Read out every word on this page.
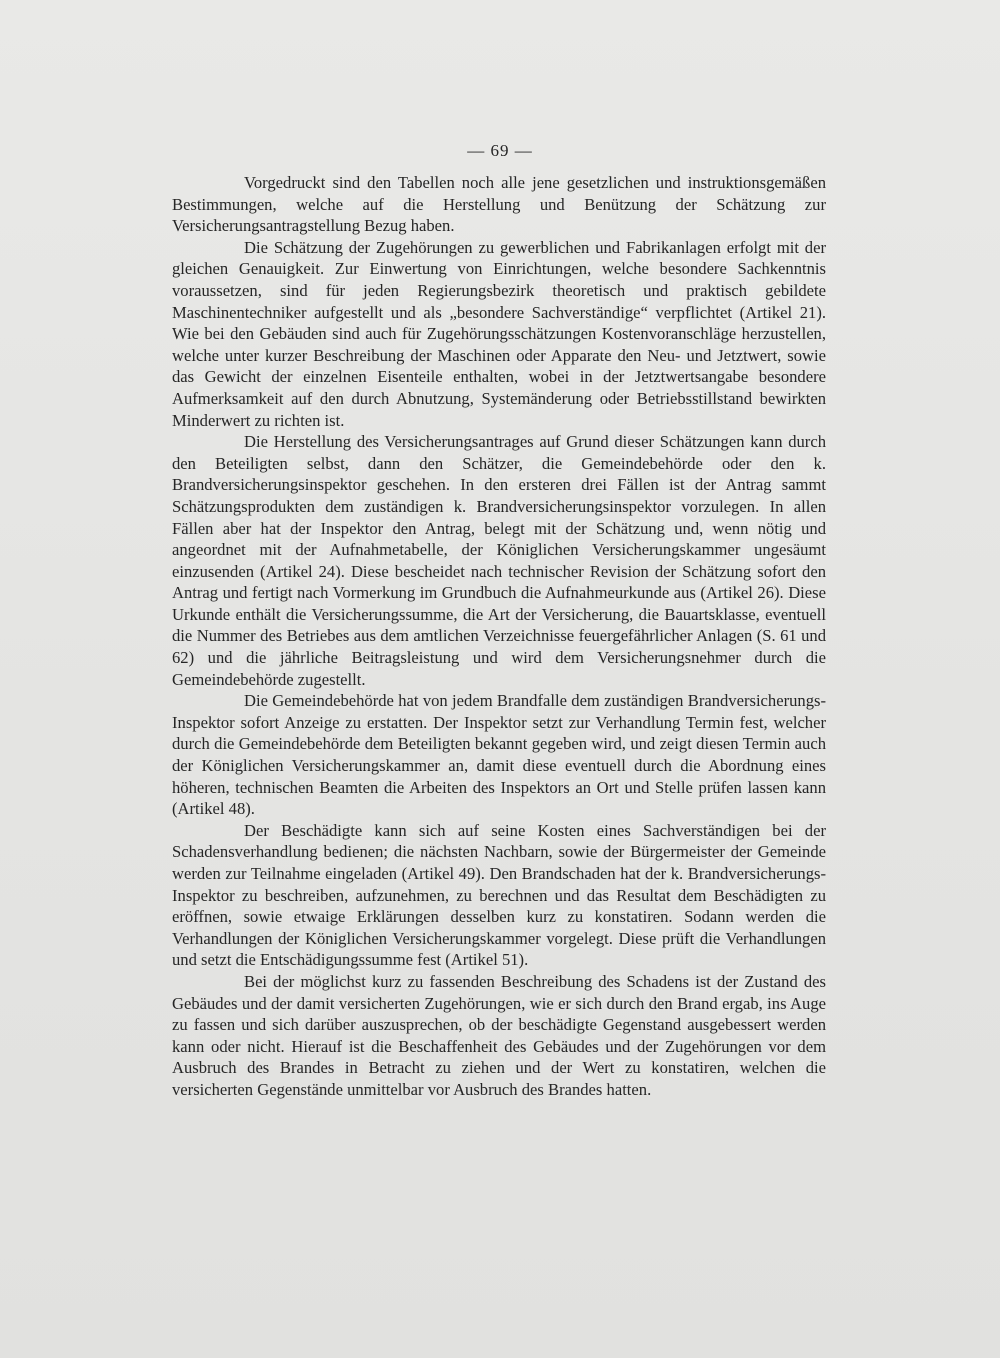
— 69 —

Vorgedruckt sind den Tabellen noch alle jene gesetzlichen und instruktionsgemäßen Bestimmungen, welche auf die Herstellung und Benützung der Schätzung zur Versicherungsantragstellung Bezug haben.

Die Schätzung der Zugehörungen zu gewerblichen und Fabrikanlagen erfolgt mit der gleichen Genauigkeit. Zur Einwertung von Einrichtungen, welche besondere Sachkenntnis voraussetzen, sind für jeden Regierungsbezirk theoretisch und praktisch gebildete Maschinentechniker aufgestellt und als „besondere Sachverständige“ verpflichtet (Artikel 21). Wie bei den Gebäuden sind auch für Zugehörungsschätzungen Kostenvoranschläge herzustellen, welche unter kurzer Beschreibung der Maschinen oder Apparate den Neu- und Jetztwert, sowie das Gewicht der einzelnen Eisenteile enthalten, wobei in der Jetztwertsangabe besondere Aufmerksamkeit auf den durch Abnutzung, Systemänderung oder Betriebsstillstand bewirkten Minderwert zu richten ist.

Die Herstellung des Versicherungsantrages auf Grund dieser Schätzungen kann durch den Beteiligten selbst, dann den Schätzer, die Gemeindebehörde oder den k. Brandversicherungsinspektor geschehen. In den ersteren drei Fällen ist der Antrag sammt Schätzungsprodukten dem zuständigen k. Brandversicherungsinspektor vorzulegen. In allen Fällen aber hat der Inspektor den Antrag, belegt mit der Schätzung und, wenn nötig und angeordnet mit der Aufnahmetabelle, der Königlichen Versicherungskammer ungesäumt einzusenden (Artikel 24). Diese bescheidet nach technischer Revision der Schätzung sofort den Antrag und fertigt nach Vormerkung im Grundbuch die Aufnahmeurkunde aus (Artikel 26). Diese Urkunde enthält die Versicherungssumme, die Art der Versicherung, die Bauartsklasse, eventuell die Nummer des Betriebes aus dem amtlichen Verzeichnisse feuergefährlicher Anlagen (S. 61 und 62) und die jährliche Beitragsleistung und wird dem Versicherungsnehmer durch die Gemeindebehörde zugestellt.

Die Gemeindebehörde hat von jedem Brandfalle dem zuständigen Brandversicherungs-Inspektor sofort Anzeige zu erstatten. Der Inspektor setzt zur Verhandlung Termin fest, welcher durch die Gemeindebehörde dem Beteiligten bekannt gegeben wird, und zeigt diesen Termin auch der Königlichen Versicherungskammer an, damit diese eventuell durch die Abordnung eines höheren, technischen Beamten die Arbeiten des Inspektors an Ort und Stelle prüfen lassen kann (Artikel 48).

Der Beschädigte kann sich auf seine Kosten eines Sachverständigen bei der Schadensverhandlung bedienen; die nächsten Nachbarn, sowie der Bürgermeister der Gemeinde werden zur Teilnahme eingeladen (Artikel 49). Den Brandschaden hat der k. Brandversicherungs-Inspektor zu beschreiben, aufzunehmen, zu berechnen und das Resultat dem Beschädigten zu eröffnen, sowie etwaige Erklärungen desselben kurz zu konstatiren. Sodann werden die Verhandlungen der Königlichen Versicherungskammer vorgelegt. Diese prüft die Verhandlungen und setzt die Entschädigungssumme fest (Artikel 51).

Bei der möglichst kurz zu fassenden Beschreibung des Schadens ist der Zustand des Gebäudes und der damit versicherten Zugehörungen, wie er sich durch den Brand ergab, ins Auge zu fassen und sich darüber auszusprechen, ob der beschädigte Gegenstand ausgebessert werden kann oder nicht. Hierauf ist die Beschaffenheit des Gebäudes und der Zugehörungen vor dem Ausbruch des Brandes in Betracht zu ziehen und der Wert zu konstatiren, welchen die versicherten Gegenstände unmittelbar vor Ausbruch des Brandes hatten.
